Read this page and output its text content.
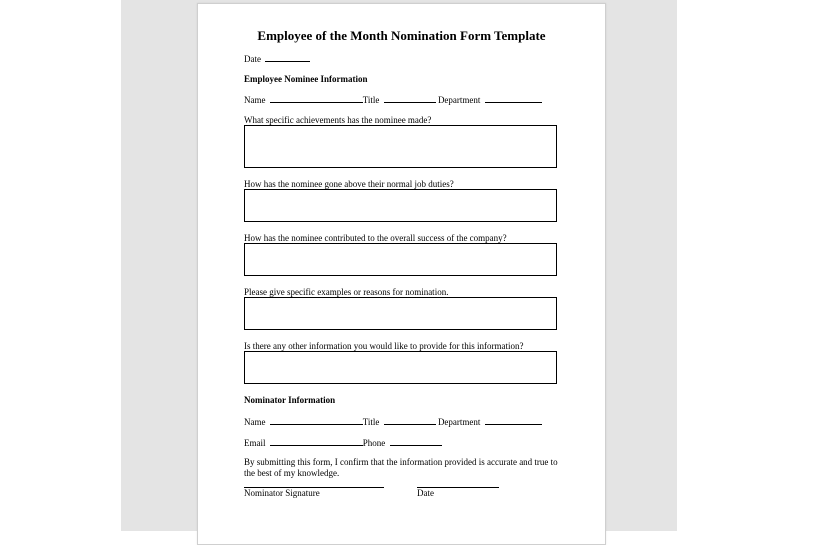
Employee of the Month Nomination Form Template
Date
Employee Nominee Information
Name	Title	Department
What specific achievements has the nominee made?
How has the nominee gone above their normal job duties?
How has the nominee contributed to the overall success of the company?
Please give specific examples or reasons for nomination.
Is there any other information you would like to provide for this information?
Nominator Information
Name	Title	Department
Email	Phone
By submitting this form, I confirm that the information provided is accurate and true to the best of my knowledge.
Nominator Signature	Date
